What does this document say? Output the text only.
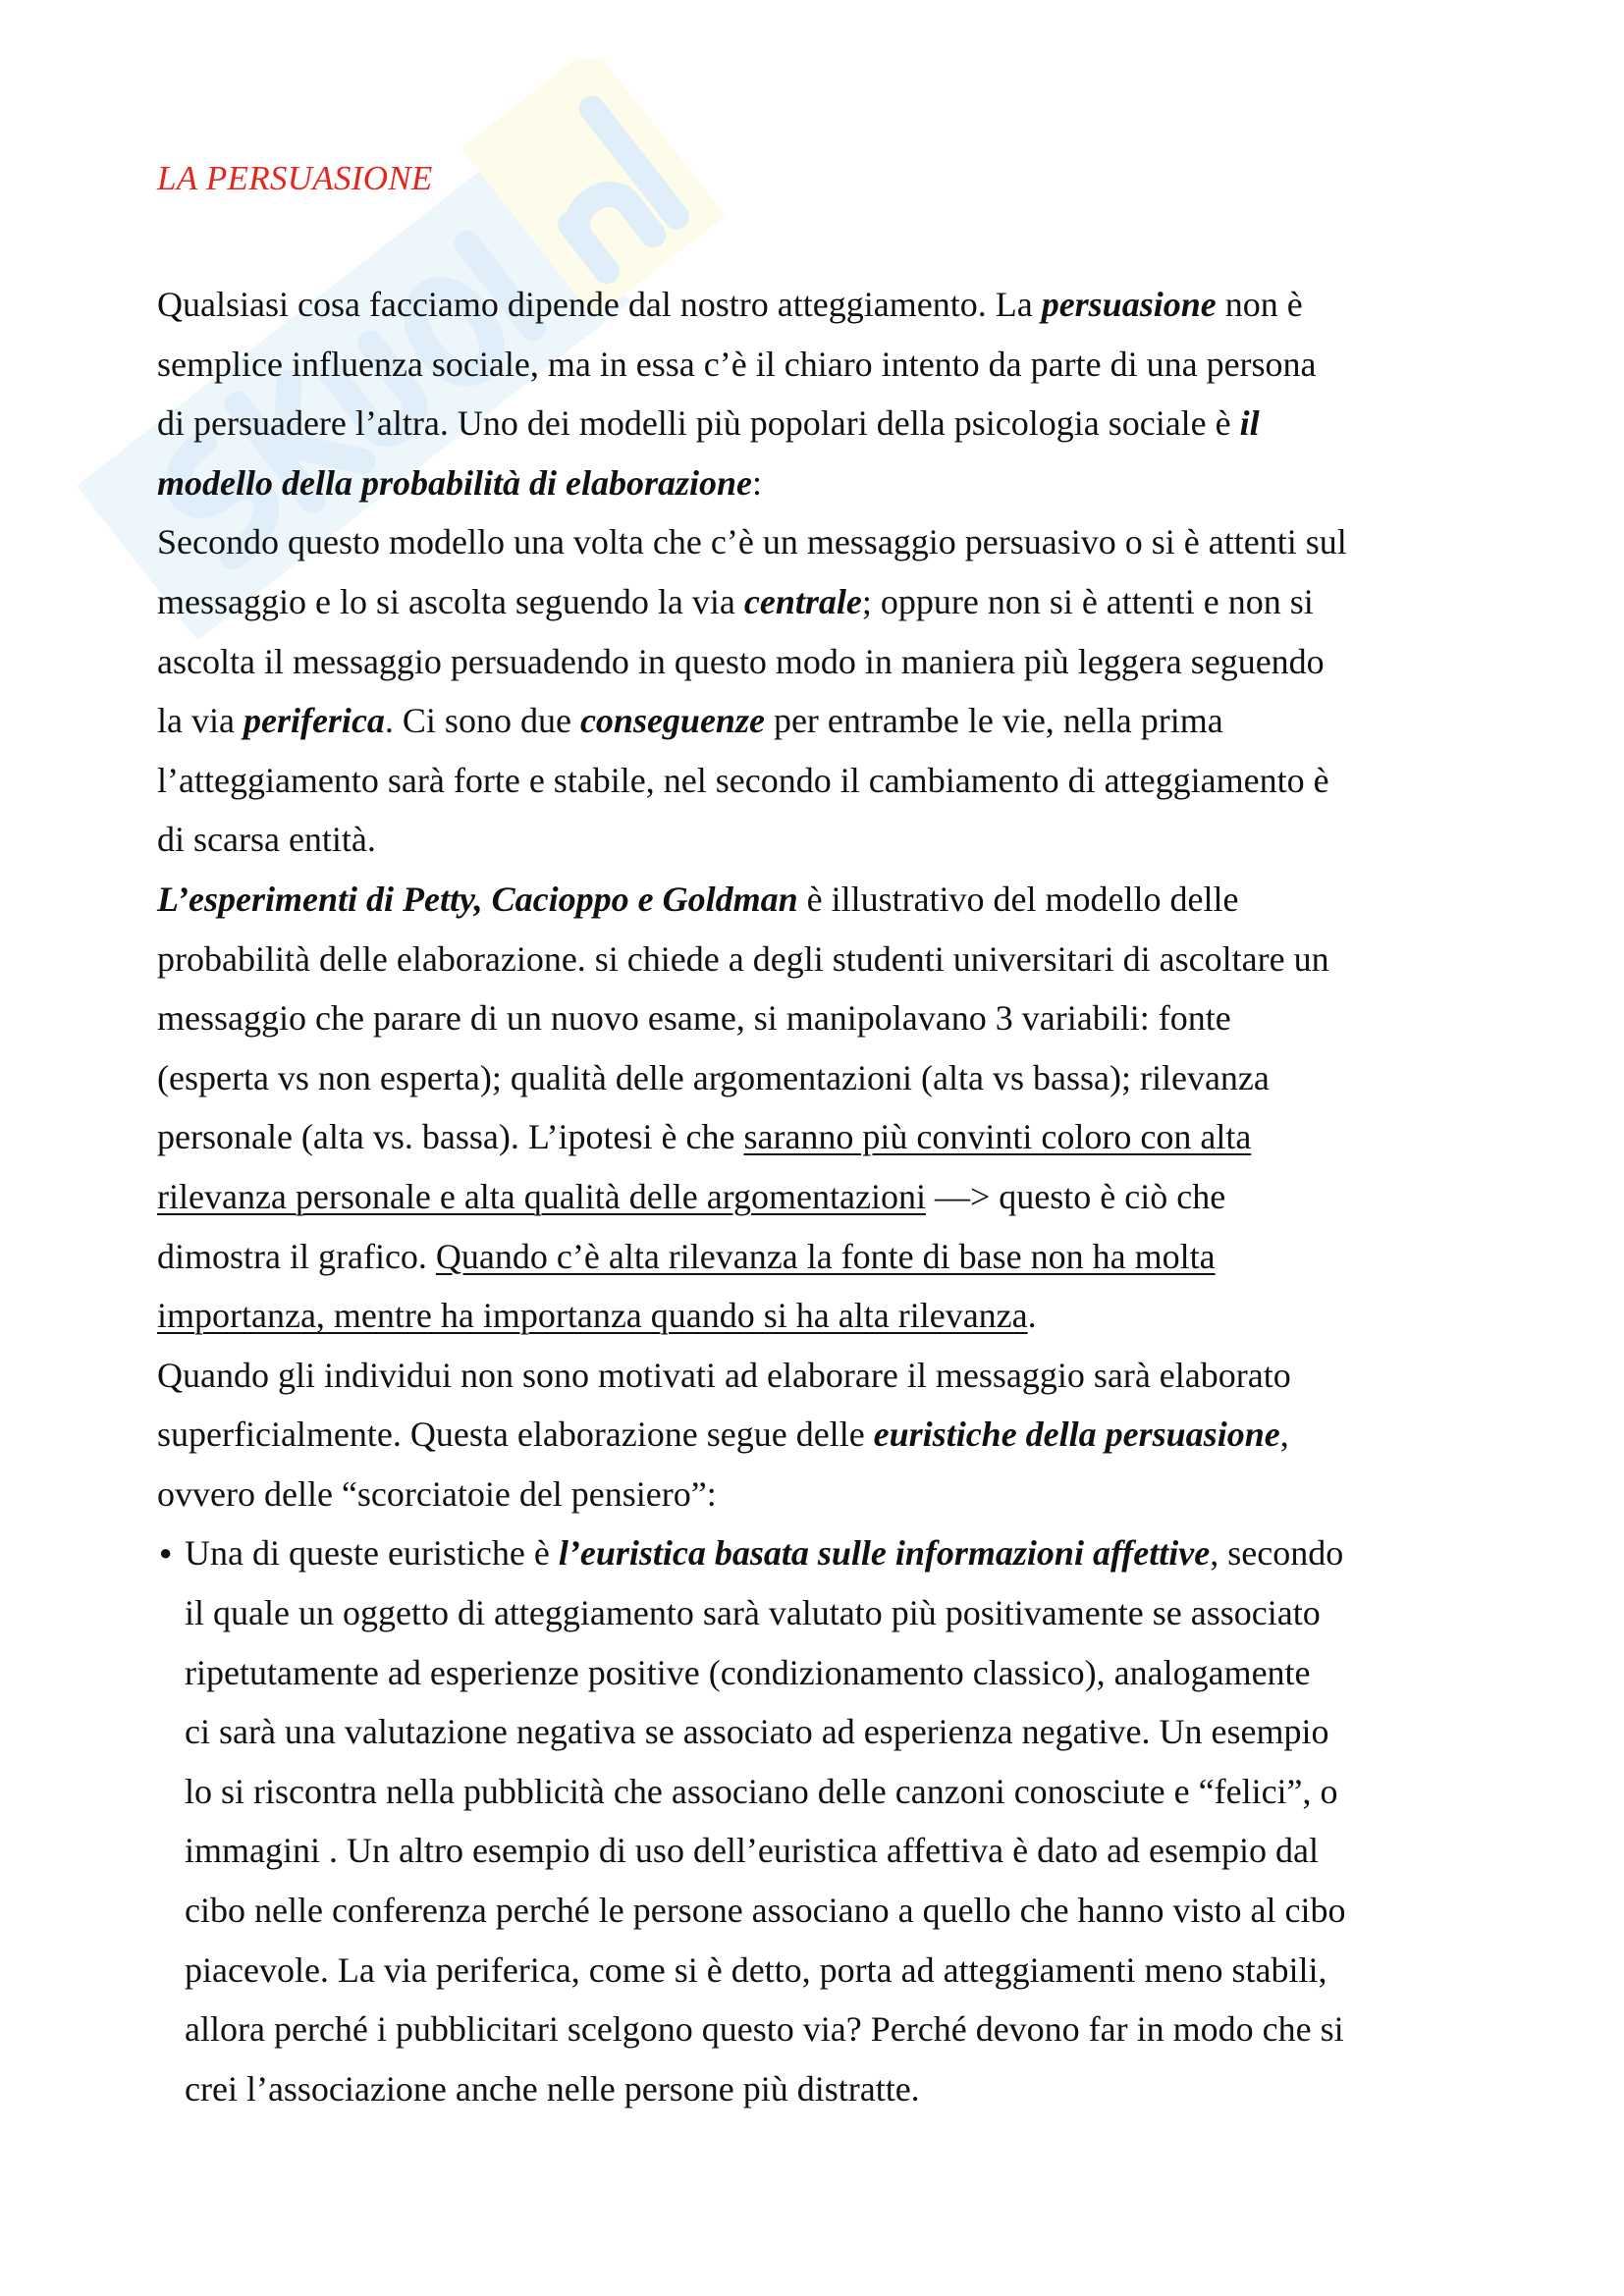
LA PERSUASIONE
Qualsiasi cosa facciamo dipende dal nostro atteggiamento. La persuasione non è
semplice influenza sociale, ma in essa c’è il chiaro intento da parte di una persona
di persuadere l’altra. Uno dei modelli più popolari della psicologia sociale è il
modello della probabilità di elaborazione:
Secondo questo modello una volta che c’è un messaggio persuasivo o si è attenti sul
messaggio e lo si ascolta seguendo la via centrale; oppure non si è attenti e non si
ascolta il messaggio persuadendo in questo modo in maniera più leggera seguendo
la via periferica. Ci sono due conseguenze per entrambe le vie, nella prima
l’atteggiamento sarà forte e stabile, nel secondo il cambiamento di atteggiamento è
di scarsa entità.
L’esperimenti di Petty, Cacioppo e Goldman è illustrativo del modello delle
probabilità delle elaborazione. si chiede a degli studenti universitari di ascoltare un
messaggio che parare di un nuovo esame, si manipolavano 3 variabili: fonte
(esperta vs non esperta); qualità delle argomentazioni (alta vs bassa); rilevanza
personale (alta vs. bassa). L’ipotesi è che saranno più convinti coloro con alta
rilevanza personale e alta qualità delle argomentazioni —> questo è ciò che
dimostra il grafico. Quando c’è alta rilevanza la fonte di base non ha molta
importanza, mentre ha importanza quando si ha alta rilevanza.
Quando gli individui non sono motivati ad elaborare il messaggio sarà elaborato
superficialmente. Questa elaborazione segue delle euristiche della persuasione,
ovvero delle “scorciatoie del pensiero”:
● Una di queste euristiche è l’euristica basata sulle informazioni affettive, secondo
il quale un oggetto di atteggiamento sarà valutato più positivamente se associato
ripetutamente ad esperienze positive (condizionamento classico), analogamente
ci sarà una valutazione negativa se associato ad esperienza negative. Un esempio
lo si riscontra nella pubblicità che associano delle canzoni conosciute e “felici”, o
immagini . Un altro esempio di uso dell’euristica affettiva è dato ad esempio dal
cibo nelle conferenza perché le persone associano a quello che hanno visto al cibo
piacevole. La via periferica, come si è detto, porta ad atteggiamenti meno stabili,
allora perché i pubblicitari scelgono questo via? Perché devono far in modo che si
crei l’associazione anche nelle persone più distratte.
